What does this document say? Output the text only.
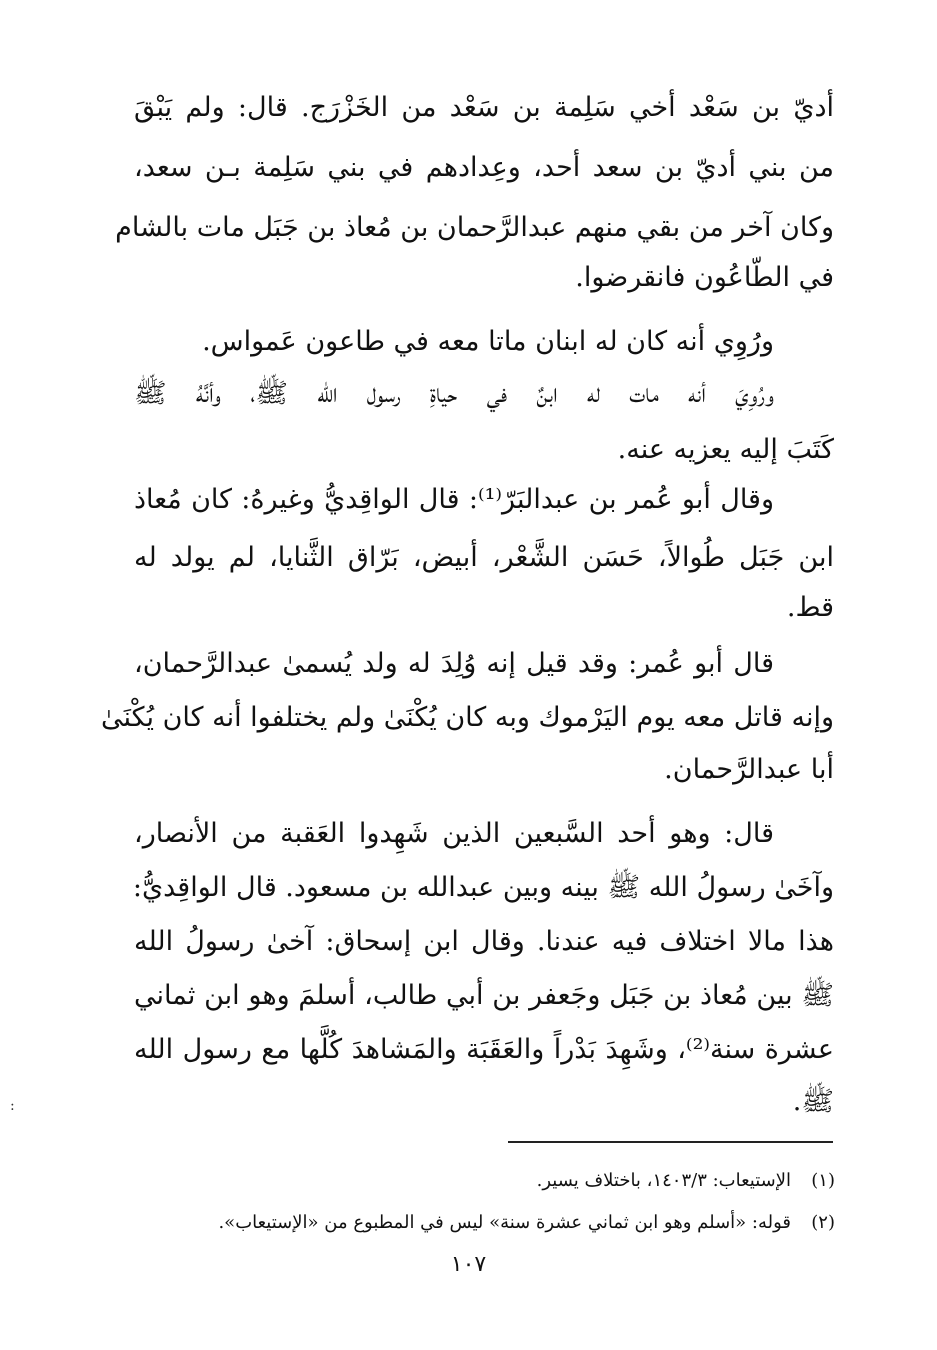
أديّ بن سَعْد أخي سَلِمة بن سَعْد من الخَزْرَج. قال: ولم يَبْقَ
من بني أديّ بن سعد أحد، وعِدادهم في بني سَلِمة بـن سعد،
وكان آخر من بقي منهم عبدالرَّحمان بن مُعاذ بن جَبَل مات بالشام
في الطّاعُون فانقرضوا.
ورُوِي أنه كان له ابنان ماتا معه في طاعون عَمواس.
ورُوِيَ أنه مات له ابنٌ في حياةِ رسول الله ﷺ، وأنَّهُ ﷺ
كَتَبَ إليه يعزيه عنه.
وقال أبو عُمر بن عبدالبَرّ⁽¹⁾: قال الواقِديُّ وغيرهُ: كان مُعاذ
ابن جَبَل طُوالاً، حَسَن الشَّعْر، أبيض، بَرّاق الثَّنايا، لم يولد له
قط.
قال أبو عُمر: وقد قيل إنه وُلِدَ له ولد يُسمىٰ عبدالرَّحمان،
وإنه قاتل معه يوم اليَرْموك وبه كان يُكْنَىٰ ولم يختلفوا أنه كان يُكْنَىٰ
أبا عبدالرَّحمان.
قال: وهو أحد السَّبعين الذين شَهِدوا العَقبة من الأنصار،
وآخَىٰ رسولُ الله ﷺ بينه وبين عبدالله بن مسعود. قال الواقِديُّ:
هذا مالا اختلاف فيه عندنا. وقال ابن إسحاق: آخىٰ رسولُ الله
ﷺ بين مُعاذ بن جَبَل وجَعفر بن أبي طالب، أسلمَ وهو ابن ثماني
عشرة سنة⁽²⁾، وشَهِدَ بَدْراً والعَقَبَة والمَشاهدَ كُلَّها مع رسول الله
ﷺ.
:
(١)الإستيعاب: ١٤٠٣/٣، باختلاف يسير.
(٢)قوله: «أسلم وهو ابن ثماني عشرة سنة» ليس في المطبوع من «الإستيعاب».
١٠٧
